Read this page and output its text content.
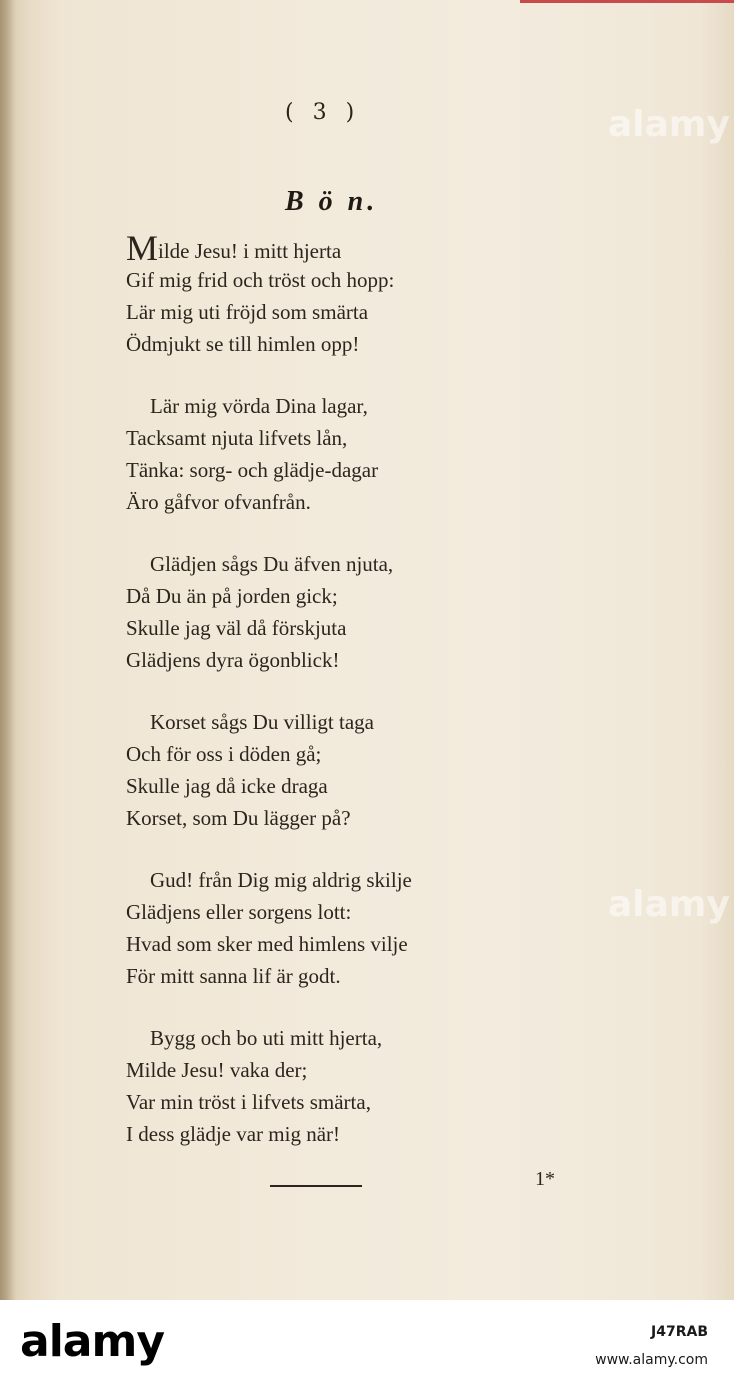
( 3 )
B ö n.
Milde Jesu! i mitt hjerta
Gif mig frid och tröst och hopp:
Lär mig uti fröjd som smärta
Ödmjukt se till himlen opp!
Lär mig vörda Dina lagar,
Tacksamt njuta lifvets lån,
Tänka: sorg- och glädje-dagar
Äro gåfvor ofvanfrån.
Glädjen sågs Du äfven njuta,
Då Du än på jorden gick;
Skulle jag väl då förskjuta
Glädjens dyra ögonblick!
Korset sågs Du villigt taga
Och för oss i döden gå;
Skulle jag då icke draga
Korset, som Du lägger på?
Gud! från Dig mig aldrig skilje
Glädjens eller sorgens lott:
Hvad som sker med himlens vilje
För mitt sanna lif är godt.
Bygg och bo uti mitt hjerta,
Milde Jesu! vaka der;
Var min tröst i lifvets smärta,
I dess glädje var mig när!
1*
alamy
alamy
alamy	J47RAB
www.alamy.com
